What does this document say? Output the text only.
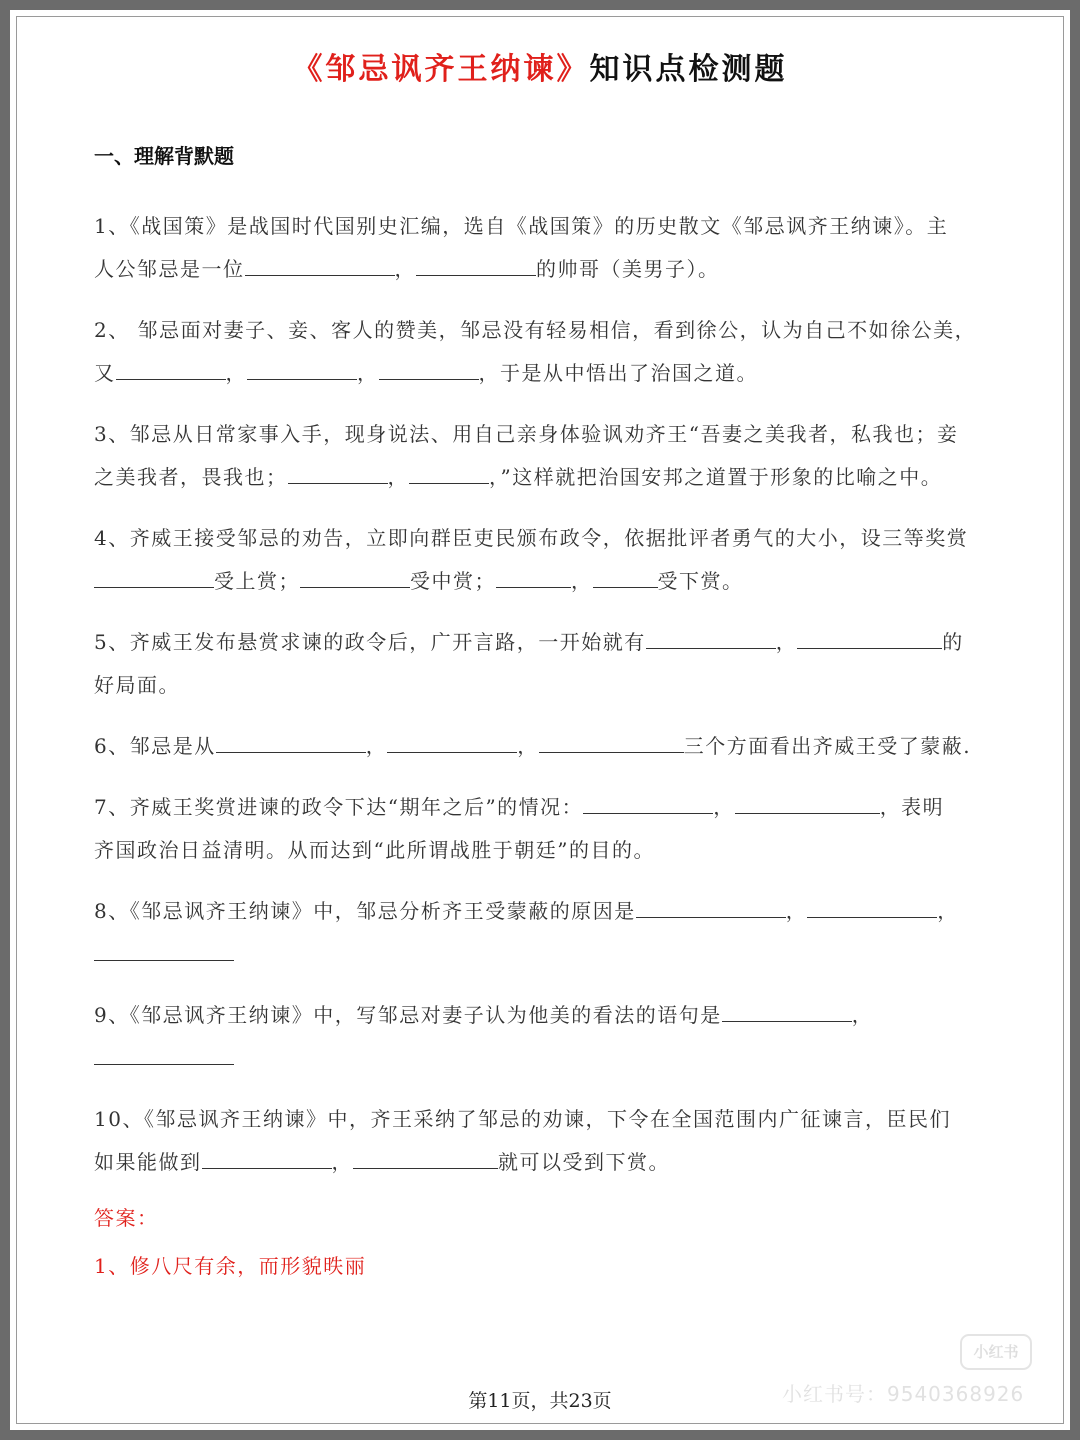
《邹忌讽齐王纳谏》知识点检测题
一、理解背默题
1、《战国策》是战国时代国别史汇编，选自《战国策》的历史散文《邹忌讽齐王纳谏》。主
人公邹忌是一位	，	的帅哥（美男子）。
2、 邹忌面对妻子、妾、客人的赞美，邹忌没有轻易相信，看到徐公，认为自己不如徐公美，
又	，	，	，于是从中悟出了治国之道。
3、邹忌从日常家事入手，现身说法、用自己亲身体验讽劝齐王“吾妻之美我者，私我也；妾
之美我者，畏我也；	，	，”这样就把治国安邦之道置于形象的比喻之中。
4、齐威王接受邹忌的劝告，立即向群臣吏民颁布政令，依据批评者勇气的大小，设三等奖赏
受上赏；	受中赏；	，	受下赏。
5、齐威王发布悬赏求谏的政令后，广开言路，一开始就有	，	的
好局面。
6、邹忌是从	，	，	三个方面看出齐威王受了蒙蔽.
7、齐威王奖赏进谏的政令下达“期年之后”的情况：	，	，表明
齐国政治日益清明。从而达到“此所谓战胜于朝廷”的目的。
8、《邹忌讽齐王纳谏》中，邹忌分析齐王受蒙蔽的原因是	，	，
9、《邹忌讽齐王纳谏》中，写邹忌对妻子认为他美的看法的语句是	，
10、《邹忌讽齐王纳谏》中，齐王采纳了邹忌的劝谏，下令在全国范围内广征谏言，臣民们
如果能做到	，	就可以受到下赏。
答案：
1、修八尺有余，而形貌昳丽
第11页，共23页
小红书
小红书号：9540368926
